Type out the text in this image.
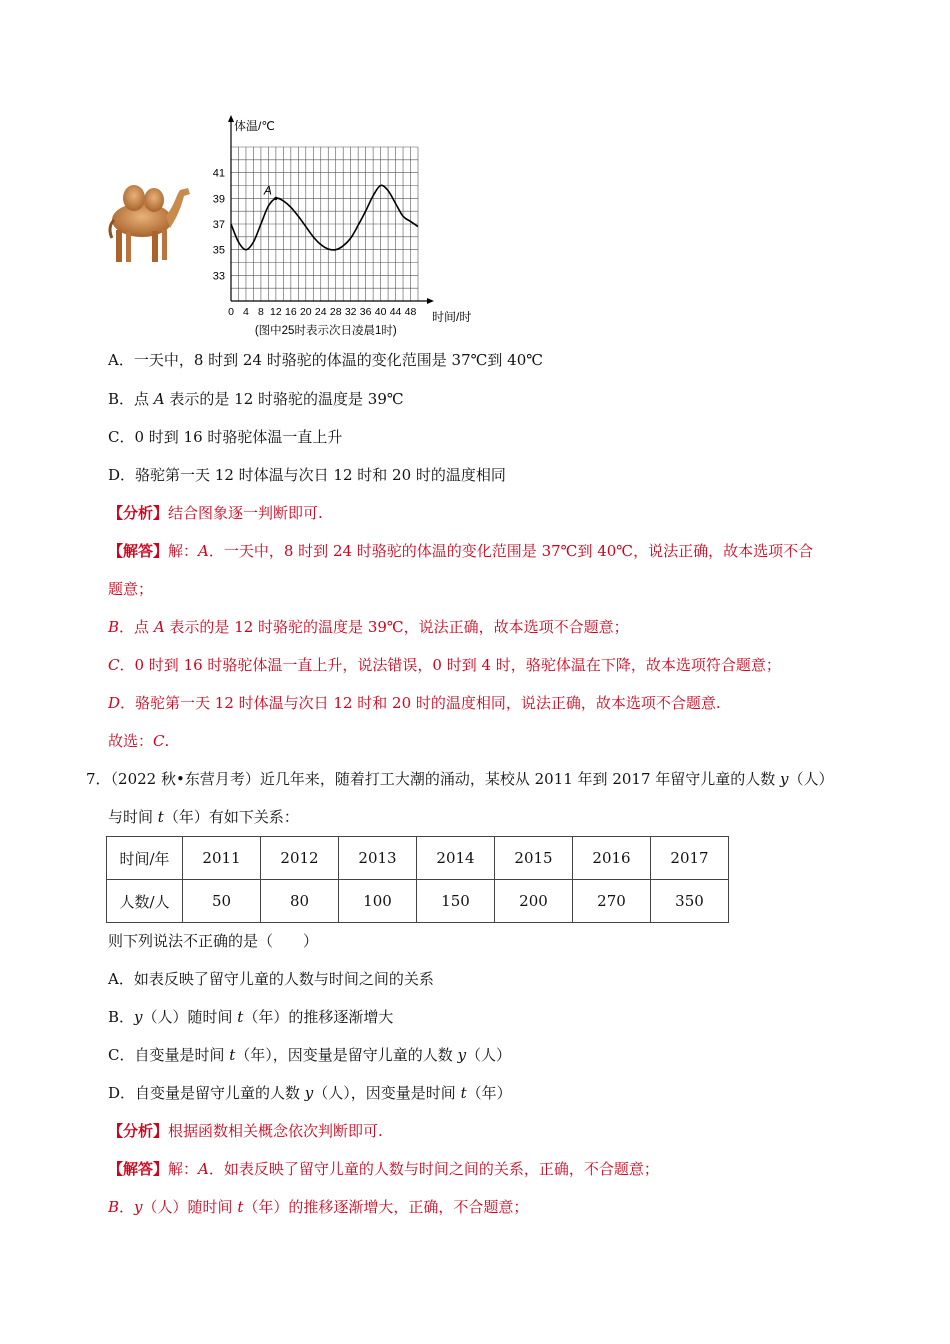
体温/℃
时间/时
0 4 8 12 16 20 24 28 32 36 40 44 48
33
35
37
39
41
(图中25时表示次日凌晨1时)
A
A．一天中，8 时到 24 时骆驼的体温的变化范围是 37℃到 40℃
B．点 A 表示的是 12 时骆驼的温度是 39℃
C．0 时到 16 时骆驼体温一直上升
D．骆驼第一天 12 时体温与次日 12 时和 20 时的温度相同
【分析】结合图象逐一判断即可.
【解答】解：A．一天中，8 时到 24 时骆驼的体温的变化范围是 37℃到 40℃，说法正确，故本选项不合
题意；
B．点 A 表示的是 12 时骆驼的温度是 39℃，说法正确，故本选项不合题意；
C．0 时到 16 时骆驼体温一直上升，说法错误，0 时到 4 时，骆驼体温在下降，故本选项符合题意；
D．骆驼第一天 12 时体温与次日 12 时和 20 时的温度相同，说法正确，故本选项不合题意.
故选：C.
7．（2022 秋•东营月考）近几年来，随着打工大潮的涌动，某校从 2011 年到 2017 年留守儿童的人数 y（人）
与时间 t（年）有如下关系：
时间/年	2011	2012	2013	2014	2015	2016	2017
人数/人	50	80	100	150	200	270	350
则下列说法不正确的是（　　）
A．如表反映了留守儿童的人数与时间之间的关系
B．y（人）随时间 t（年）的推移逐渐增大
C．自变量是时间 t（年），因变量是留守儿童的人数 y（人）
D．自变量是留守儿童的人数 y（人），因变量是时间 t（年）
【分析】根据函数相关概念依次判断即可.
【解答】解：A．如表反映了留守儿童的人数与时间之间的关系，正确，不合题意；
B．y（人）随时间 t（年）的推移逐渐增大，正确，不合题意；
